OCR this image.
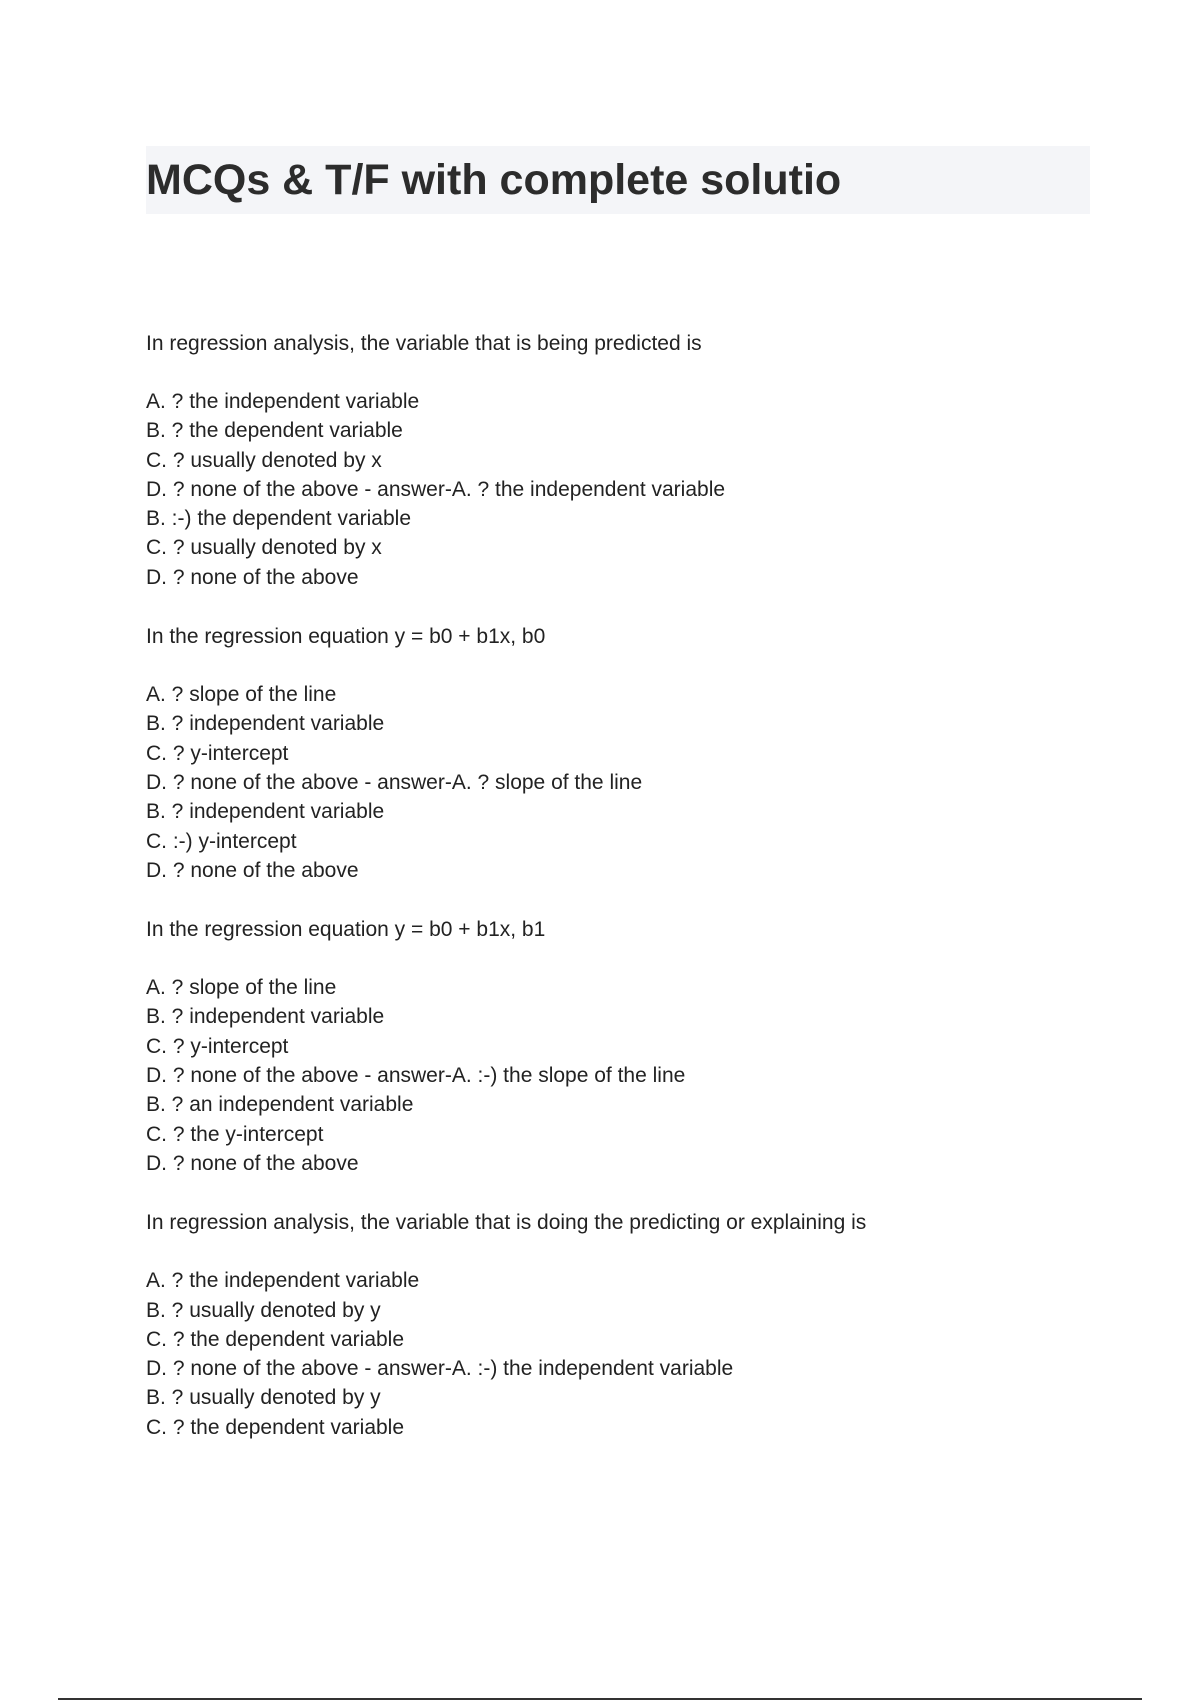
MCQs & T/F with complete solutio

In regression analysis, the variable that is being predicted is

A. ? the independent variable
B. ? the dependent variable
C. ? usually denoted by x
D. ? none of the above - answer-A. ? the independent variable
B. :-) the dependent variable
C. ? usually denoted by x
D. ? none of the above

In the regression equation y = b0 + b1x, b0

A. ? slope of the line
B. ? independent variable
C. ? y-intercept
D. ? none of the above - answer-A. ? slope of the line
B. ? independent variable
C. :-) y-intercept
D. ? none of the above

In the regression equation y = b0 + b1x, b1

A. ? slope of the line
B. ? independent variable
C. ? y-intercept
D. ? none of the above - answer-A. :-) the slope of the line
B. ? an independent variable
C. ? the y-intercept
D. ? none of the above

In regression analysis, the variable that is doing the predicting or explaining is

A. ? the independent variable
B. ? usually denoted by y
C. ? the dependent variable
D. ? none of the above - answer-A. :-) the independent variable
B. ? usually denoted by y
C. ? the dependent variable
